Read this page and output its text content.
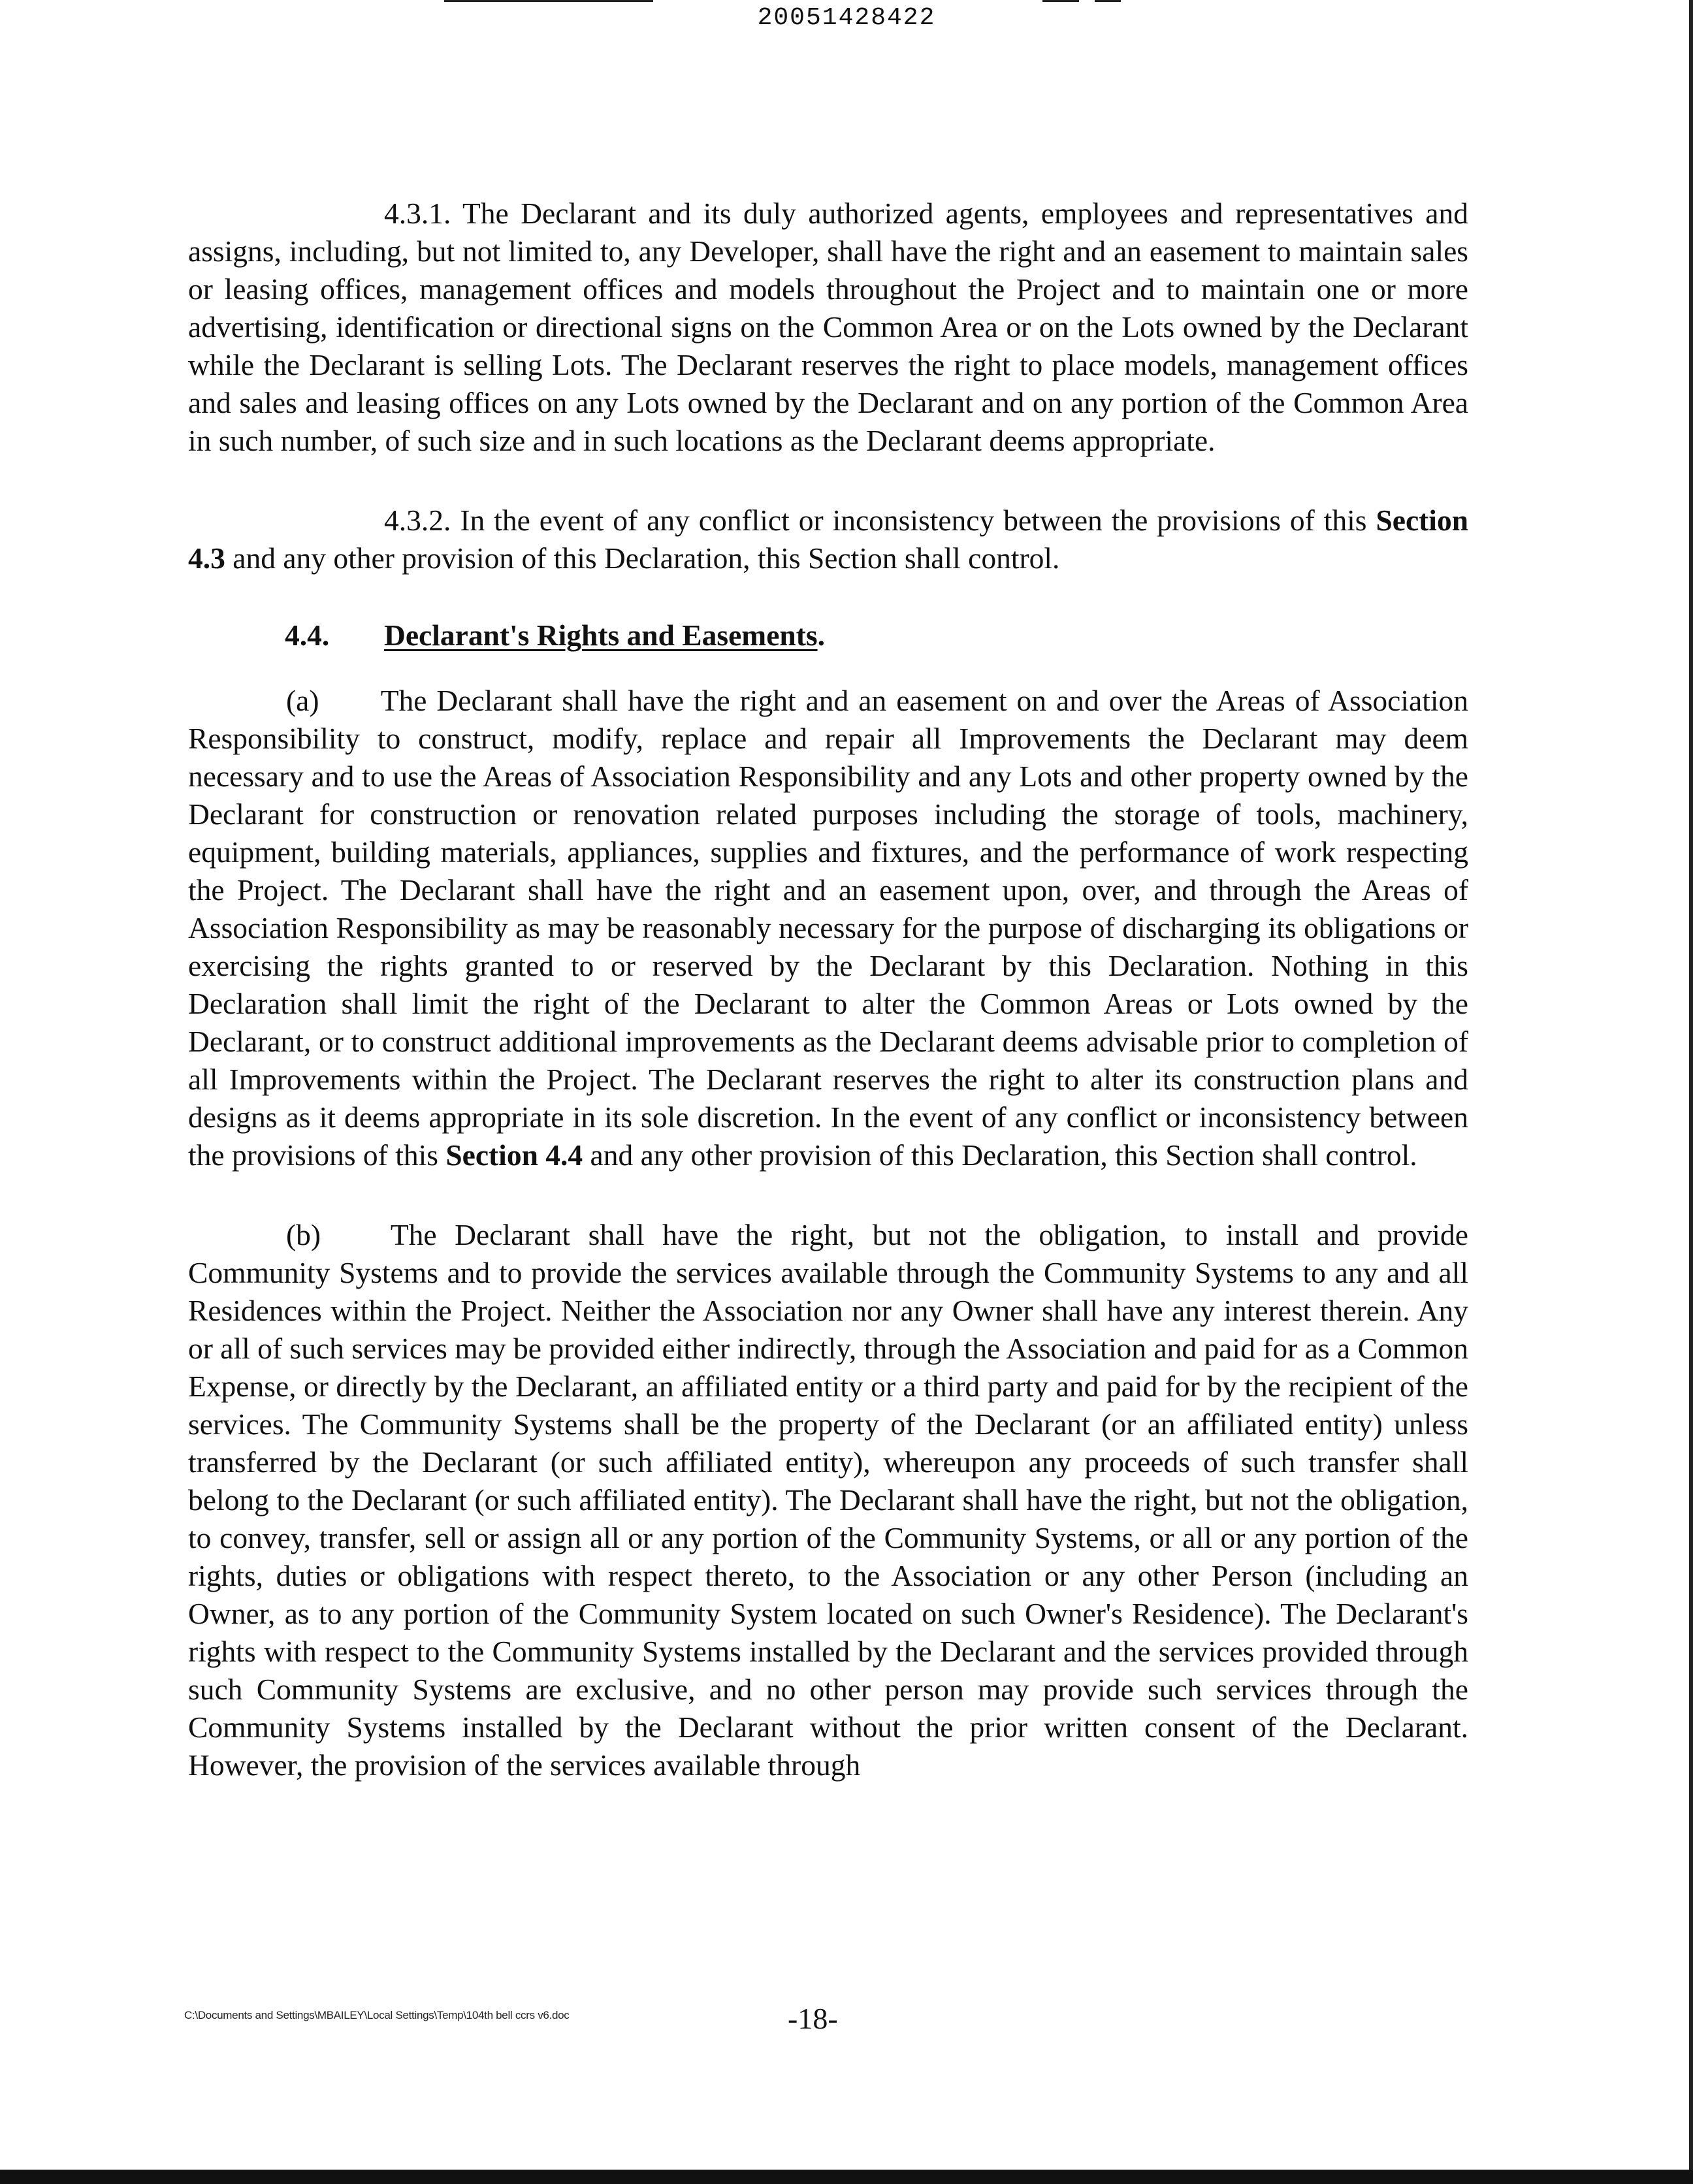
20051428422

4.3.1. The Declarant and its duly authorized agents, employees and representatives and assigns, including, but not limited to, any Developer, shall have the right and an easement to maintain sales or leasing offices, management offices and models throughout the Project and to maintain one or more advertising, identification or directional signs on the Common Area or on the Lots owned by the Declarant while the Declarant is selling Lots. The Declarant reserves the right to place models, management offices and sales and leasing offices on any Lots owned by the Declarant and on any portion of the Common Area in such number, of such size and in such locations as the Declarant deems appropriate.

4.3.2. In the event of any conflict or inconsistency between the provisions of this Section 4.3 and any other provision of this Declaration, this Section shall control.

4.4. Declarant's Rights and Easements.

(a) The Declarant shall have the right and an easement on and over the Areas of Association Responsibility to construct, modify, replace and repair all Improvements the Declarant may deem necessary and to use the Areas of Association Responsibility and any Lots and other property owned by the Declarant for construction or renovation related purposes including the storage of tools, machinery, equipment, building materials, appliances, supplies and fixtures, and the performance of work respecting the Project. The Declarant shall have the right and an easement upon, over, and through the Areas of Association Responsibility as may be reasonably necessary for the purpose of discharging its obligations or exercising the rights granted to or reserved by the Declarant by this Declaration. Nothing in this Declaration shall limit the right of the Declarant to alter the Common Areas or Lots owned by the Declarant, or to construct additional improvements as the Declarant deems advisable prior to completion of all Improvements within the Project. The Declarant reserves the right to alter its construction plans and designs as it deems appropriate in its sole discretion. In the event of any conflict or inconsistency between the provisions of this Section 4.4 and any other provision of this Declaration, this Section shall control.

(b) The Declarant shall have the right, but not the obligation, to install and provide Community Systems and to provide the services available through the Community Systems to any and all Residences within the Project. Neither the Association nor any Owner shall have any interest therein. Any or all of such services may be provided either indirectly, through the Association and paid for as a Common Expense, or directly by the Declarant, an affiliated entity or a third party and paid for by the recipient of the services. The Community Systems shall be the property of the Declarant (or an affiliated entity) unless transferred by the Declarant (or such affiliated entity), whereupon any proceeds of such transfer shall belong to the Declarant (or such affiliated entity). The Declarant shall have the right, but not the obligation, to convey, transfer, sell or assign all or any portion of the Community Systems, or all or any portion of the rights, duties or obligations with respect thereto, to the Association or any other Person (including an Owner, as to any portion of the Community System located on such Owner's Residence). The Declarant's rights with respect to the Community Systems installed by the Declarant and the services provided through such Community Systems are exclusive, and no other person may provide such services through the Community Systems installed by the Declarant without the prior written consent of the Declarant. However, the provision of the services available through

C:\Documents and Settings\MBAILEY\Local Settings\Temp\104th bell ccrs v6.doc	-18-
